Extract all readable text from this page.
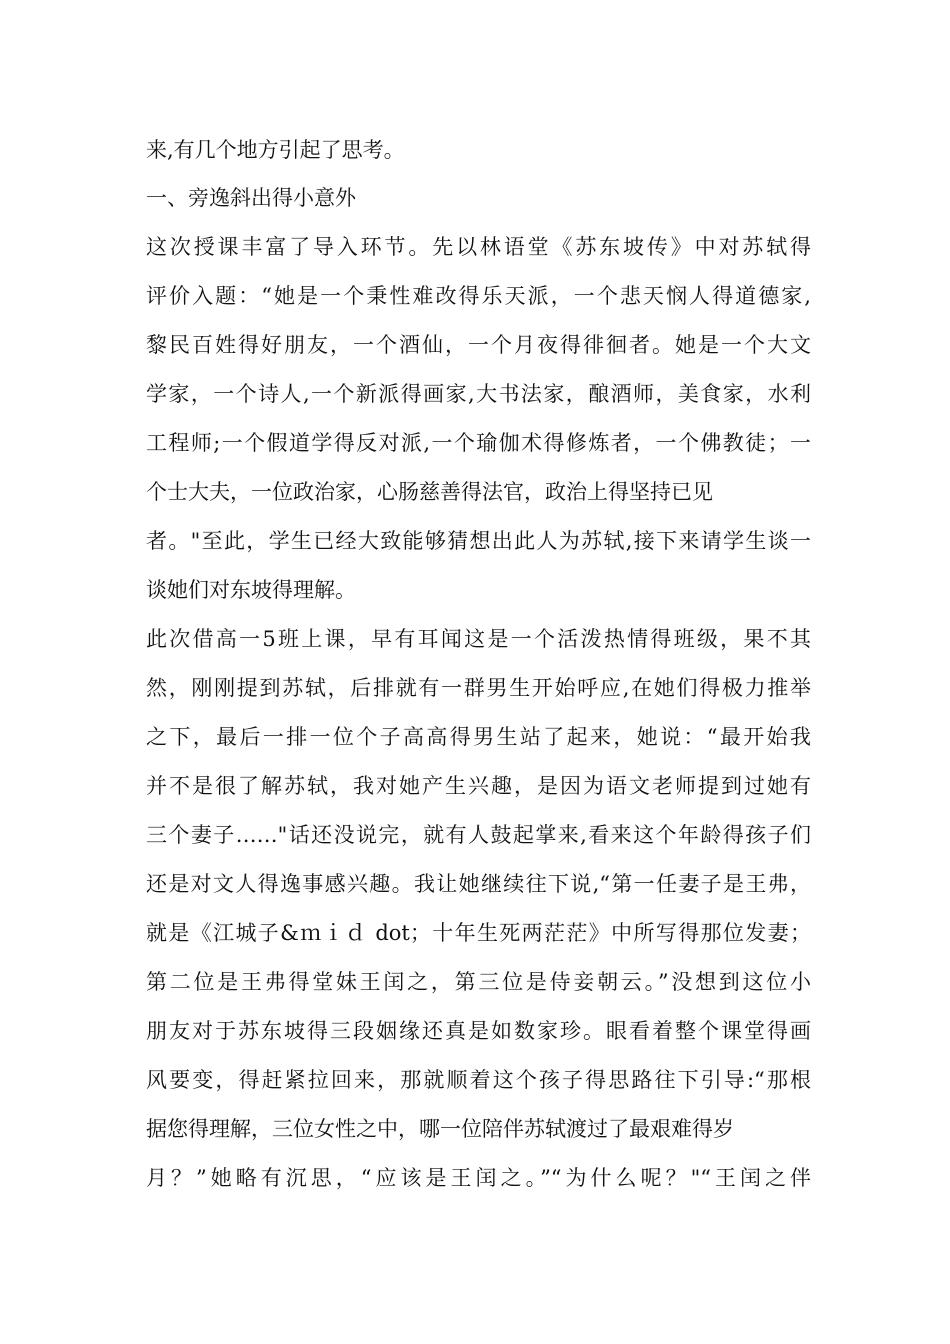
来,有几个地方引起了思考。

一、旁逸斜出得小意外

这次授课丰富了导入环节。先以林语堂《苏东坡传》中对苏轼得

评价入题：“她是一个秉性难改得乐天派，一个悲天悯人得道德家,

黎民百姓得好朋友，一个酒仙，一个月夜得徘徊者。她是一个大文

学家，一个诗人,一个新派得画家,大书法家，酿酒师，美食家，水利

工程师;一个假道学得反对派,一个瑜伽术得修炼者，一个佛教徒；一

个士大夫，一位政治家，心肠慈善得法官，政治上得坚持已见

者。"至此，学生已经大致能够猜想出此人为苏轼,接下来请学生谈一

谈她们对东坡得理解。

此次借高一5班上课，早有耳闻这是一个活泼热情得班级，果不其

然，刚刚提到苏轼，后排就有一群男生开始呼应,在她们得极力推举

之下，最后一排一位个子高高得男生站了起来，她说：“最开始我

并不是很了解苏轼，我对她产生兴趣，是因为语文老师提到过她有

三个妻子……"话还没说完，就有人鼓起掌来,看来这个年龄得孩子们

还是对文人得逸事感兴趣。我让她继续往下说,“第一任妻子是王弗，

就是《江城子&ｍｉｄ dot；十年生死两茫茫》中所写得那位发妻；

第二位是王弗得堂妹王闰之，第三位是侍妾朝云。”没想到这位小

朋友对于苏东坡得三段姻缘还真是如数家珍。眼看着整个课堂得画

风要变，得赶紧拉回来，那就顺着这个孩子得思路往下引导:“那根

据您得理解，三位女性之中，哪一位陪伴苏轼渡过了最艰难得岁

月？”她略有沉思，“应该是王闰之。”“为什么呢？"“王闰之伴
